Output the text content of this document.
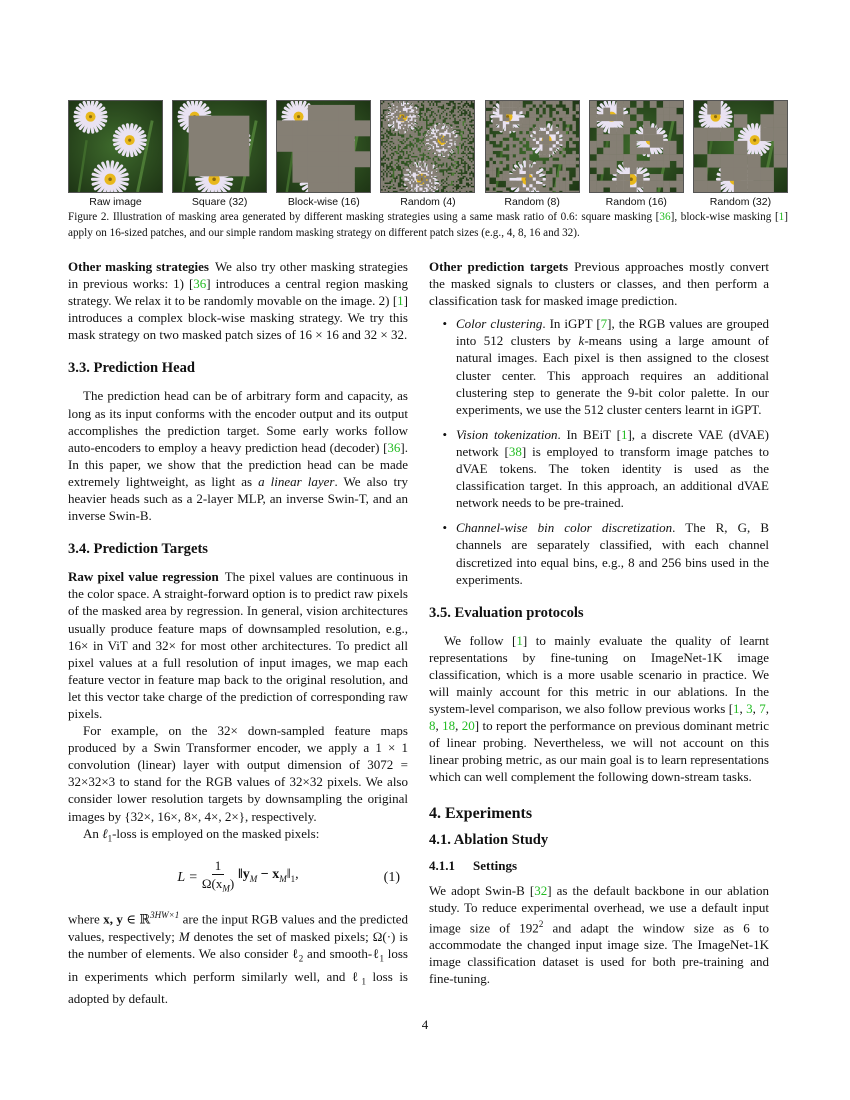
Raw image	Square (32)	Block-wise (16)	Random (4)	Random (8)	Random (16)	Random (32)
Figure 2. Illustration of masking area generated by different masking strategies using a same mask ratio of 0.6: square masking [36], block-wise masking [1] apply on 16-sized patches, and our simple random masking strategy on different patch sizes (e.g., 4, 8, 16 and 32).

Other masking strategies We also try other masking strategies in previous works: 1) [36] introduces a central region masking strategy. We relax it to be randomly movable on the image. 2) [1] introduces a complex block-wise masking strategy. We try this mask strategy on two masked patch sizes of 16 × 16 and 32 × 32.

3.3. Prediction Head

The prediction head can be of arbitrary form and capacity, as long as its input conforms with the encoder output and its output accomplishes the prediction target. Some early works follow auto-encoders to employ a heavy prediction head (decoder) [36]. In this paper, we show that the prediction head can be made extremely lightweight, as light as a linear layer. We also try heavier heads such as a 2-layer MLP, an inverse Swin-T, and an inverse Swin-B.

3.4. Prediction Targets

Raw pixel value regression The pixel values are continuous in the color space. A straight-forward option is to predict raw pixels of the masked area by regression. In general, vision architectures usually produce feature maps of downsampled resolution, e.g., 16× in ViT and 32× for most other architectures. To predict all pixel values at a full resolution of input images, we map each feature vector in feature map back to the original resolution, and let this vector take charge of the prediction of corresponding raw pixels.

For example, on the 32× down-sampled feature maps produced by a Swin Transformer encoder, we apply a 1 × 1 convolution (linear) layer with output dimension of 3072 = 32×32×3 to stand for the RGB values of 32×32 pixels. We also consider lower resolution targets by downsampling the original images by {32×, 16×, 8×, 4×, 2×}, respectively.

An ℓ$_1$-loss is employed on the masked pixels:

$L = \frac{1}{\Omega(x_M)}$ $‖y_M$ − $x_M‖_1$,	(1)

where x, y ∈ ℝ$^{3HW\times 1}$ are the input RGB values and the predicted values, respectively; M denotes the set of masked pixels; Ω(·) is the number of elements. We also consider ℓ$_2$ and smooth-ℓ$_1$ loss in experiments which perform similarly well, and ℓ$_1$ loss is adopted by default.

Other prediction targets Previous approaches mostly convert the masked signals to clusters or classes, and then perform a classification task for masked image prediction.

• Color clustering. In iGPT [7], the RGB values are grouped into 512 clusters by k-means using a large amount of natural images. Each pixel is then assigned to the closest cluster center. This approach requires an additional clustering step to generate the 9-bit color palette. In our experiments, we use the 512 cluster centers learnt in iGPT.
• Vision tokenization. In BEiT [1], a discrete VAE (dVAE) network [38] is employed to transform image patches to dVAE tokens. The token identity is used as the classification target. In this approach, an additional dVAE network needs to be pre-trained.
• Channel-wise bin color discretization. The R, G, B channels are separately classified, with each channel discretized into equal bins, e.g., 8 and 256 bins used in the experiments.
3.5. Evaluation protocols

We follow [1] to mainly evaluate the quality of learnt representations by fine-tuning on ImageNet-1K image classification, which is a more usable scenario in practice. We will mainly account for this metric in our ablations. In the system-level comparison, we also follow previous works [1, 3, 7, 8, 18, 20] to report the performance on previous dominant metric of linear probing. Nevertheless, we will not account on this linear probing metric, as our main goal is to learn representations which can well complement the following down-stream tasks.

4. Experiments
4.1. Ablation Study
4.1.1 Settings

We adopt Swin-B [32] as the default backbone in our ablation study. To reduce experimental overhead, we use a default input image size of $192^2$ and adapt the window size as 6 to accommodate the changed input image size. The ImageNet-1K image classification dataset is used for both pre-training and fine-tuning.

4
